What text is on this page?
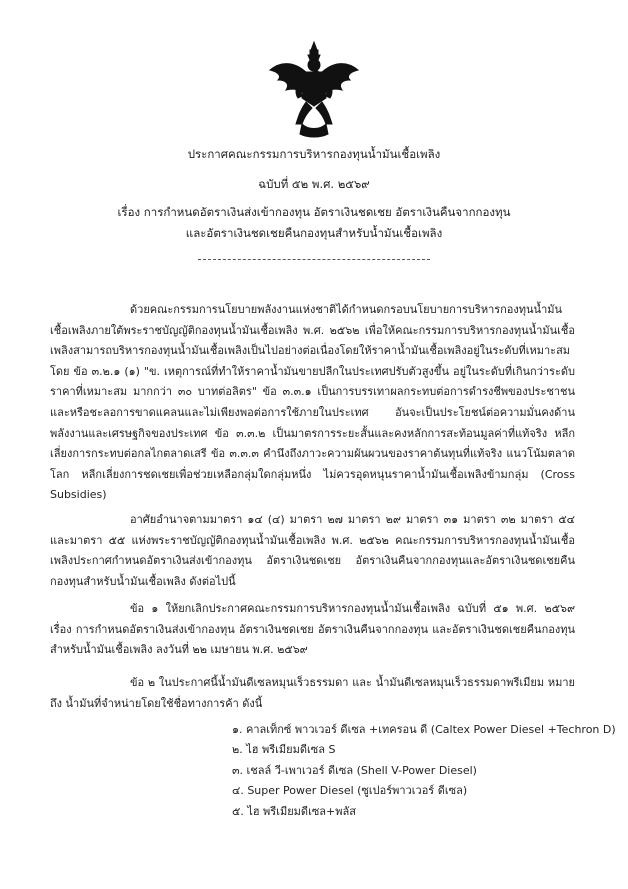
ประกาศคณะกรรมการบริหารกองทุนน้ำมันเชื้อเพลิง
ฉบับที่ ๕๒ พ.ศ. ๒๕๖๙
เรื่อง การกำหนดอัตราเงินส่งเข้ากองทุน อัตราเงินชดเชย อัตราเงินคืนจากกองทุน
และอัตราเงินชดเชยคืนกองทุนสำหรับน้ำมันเชื้อเพลิง
ด้วยคณะกรรมการนโยบายพลังงานแห่งชาติได้กำหนดกรอบนโยบายการบริหารกองทุนน้ำมันเชื้อเพลิงภายใต้พระราชบัญญัติกองทุนน้ำมันเชื้อเพลิง พ.ศ. ๒๕๖๒ เพื่อให้คณะกรรมการบริหารกองทุนน้ำมันเชื้อเพลิงสามารถบริหารกองทุนน้ำมันเชื้อเพลิงเป็นไปอย่างต่อเนื่องโดยให้ราคาน้ำมันเชื้อเพลิงอยู่ในระดับที่เหมาะสม โดย ข้อ ๓.๒.๑ (๑) "ข. เหตุการณ์ที่ทำให้ราคาน้ำมันขายปลีกในประเทศปรับตัวสูงขึ้น อยู่ในระดับที่เกินกว่าระดับราคาที่เหมาะสม มากกว่า ๓๐ บาทต่อลิตร" ข้อ ๓.๓.๑ เป็นการบรรเทาผลกระทบต่อการดำรงชีพของประชาชน และหรือชะลอการขาดแคลนและไม่เพียงพอต่อการใช้ภายในประเทศ อันจะเป็นประโยชน์ต่อความมั่นคงด้านพลังงานและเศรษฐกิจของประเทศ ข้อ ๓.๓.๒ เป็นมาตรการระยะสั้นและคงหลักการสะท้อนมูลค่าที่แท้จริง หลีกเลี่ยงการกระทบต่อกลไกตลาดเสรี ข้อ ๓.๓.๓ คำนึงถึงภาวะความผันผวนของราคาต้นทุนที่แท้จริง แนวโน้มตลาดโลก หลีกเลี่ยงการชดเชยเพื่อช่วยเหลือกลุ่มใดกลุ่มหนึ่ง ไม่ควรอุดหนุนราคาน้ำมันเชื้อเพลิงข้ามกลุ่ม (Cross Subsidies)
อาศัยอำนาจตามมาตรา ๑๔ (๔) มาตรา ๒๗ มาตรา ๒๙ มาตรา ๓๑ มาตรา ๓๒ มาตรา ๕๔ และมาตรา ๕๕ แห่งพระราชบัญญัติกองทุนน้ำมันเชื้อเพลิง พ.ศ. ๒๕๖๒ คณะกรรมการบริหารกองทุนน้ำมันเชื้อเพลิงประกาศกำหนดอัตราเงินส่งเข้ากองทุน อัตราเงินชดเชย อัตราเงินคืนจากกองทุนและอัตราเงินชดเชยคืนกองทุนสำหรับน้ำมันเชื้อเพลิง ดังต่อไปนี้
ข้อ ๑ ให้ยกเลิกประกาศคณะกรรมการบริหารกองทุนน้ำมันเชื้อเพลิง ฉบับที่ ๕๑ พ.ศ. ๒๕๖๙ เรื่อง การกำหนดอัตราเงินส่งเข้ากองทุน อัตราเงินชดเชย อัตราเงินคืนจากกองทุน และอัตราเงินชดเชยคืนกองทุนสำหรับน้ำมันเชื้อเพลิง ลงวันที่ ๒๒ เมษายน พ.ศ. ๒๕๖๙
ข้อ ๒ ในประกาศนี้น้ำมันดีเซลหมุนเร็วธรรมดา และ น้ำมันดีเซลหมุนเร็วธรรมดาพรีเมียม หมายถึง น้ำมันที่จำหน่ายโดยใช้ชื่อทางการค้า ดังนี้
๑. คาลเท็กซ์ พาวเวอร์ ดีเซล +เทครอน ดี (Caltex Power Diesel +Techron D)
๒. ไฮ พรีเมียมดีเซล S
๓. เชลล์ วี-เพาเวอร์ ดีเซล (Shell V-Power Diesel)
๔. Super Power Diesel (ซูเปอร์พาวเวอร์ ดีเซล)
๕. ไฮ พรีเมียมดีเซล+พลัส
